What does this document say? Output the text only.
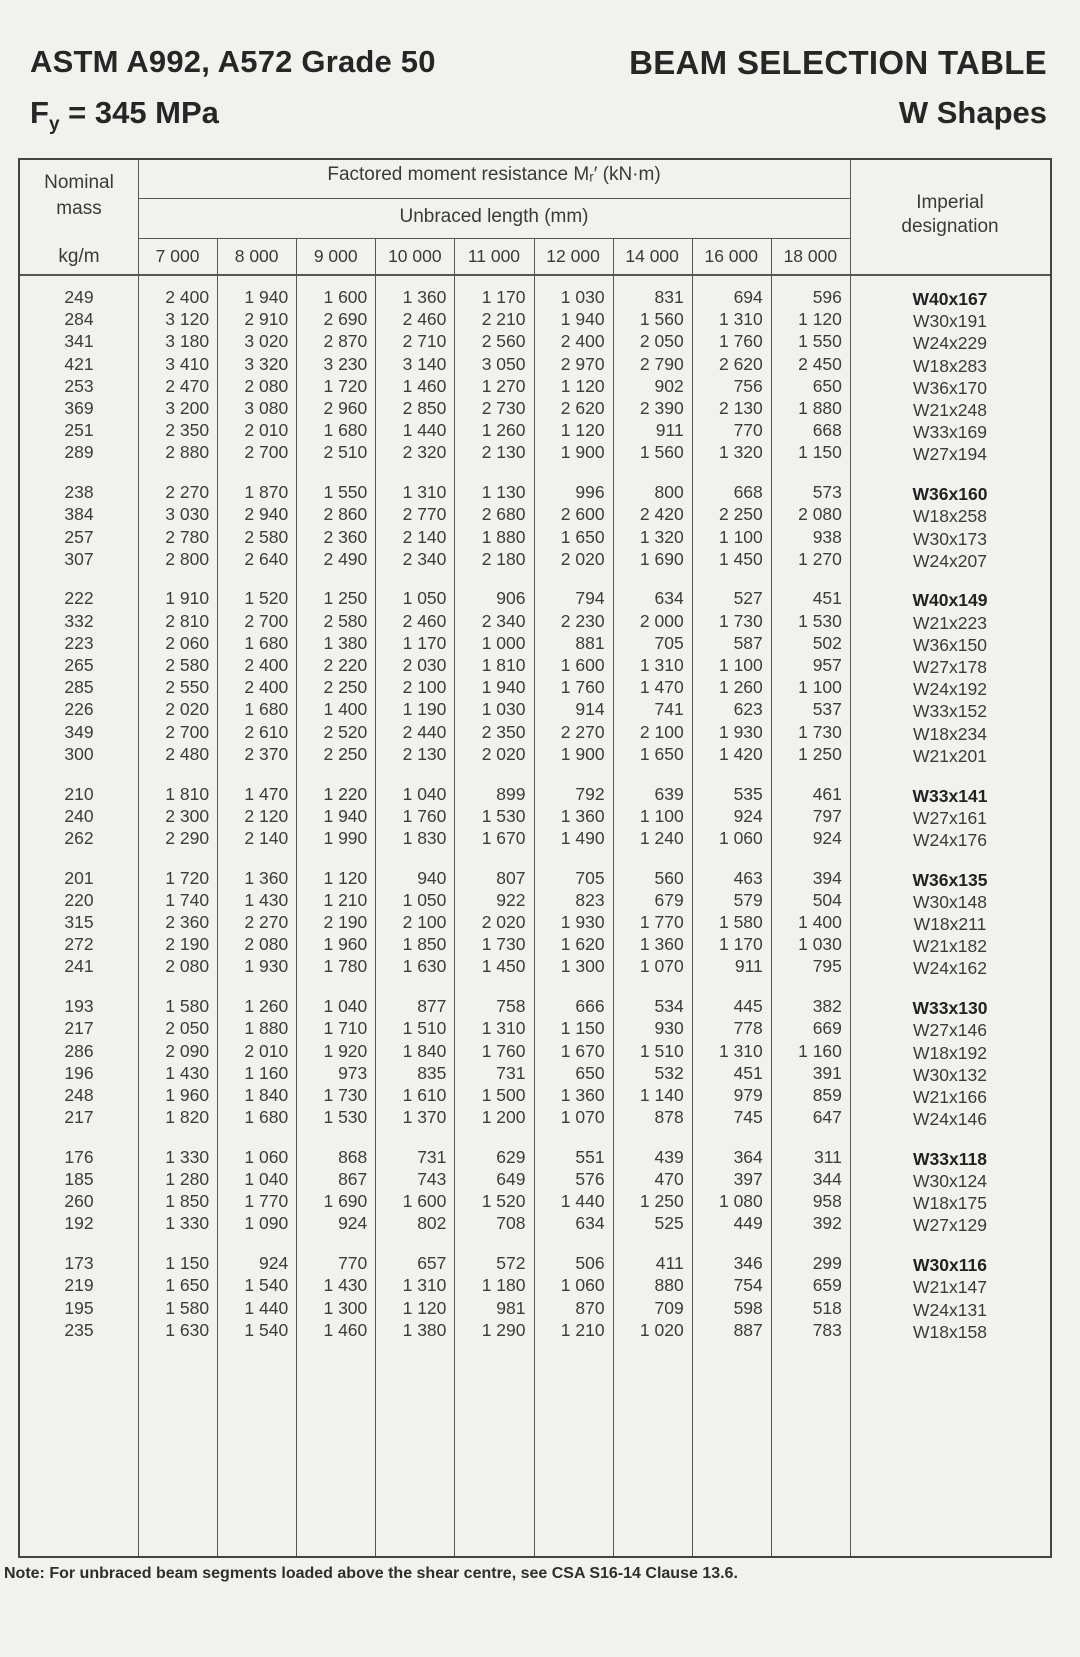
ASTM A992, A572 Grade 50
$F_y = 345$ MPa
BEAM SELECTION TABLE
W Shapes
Nominal
mass
kg/m
Factored moment resistance Mᵣ′ (kN·m)
Unbraced length (mm)
Imperial
designation
7 000	8 000	9 000	10 000	11 000	12 000	14 000	16 000	18 000
249	2 400	1 940	1 600	1 360	1 170	1 030	831	694	596	W40x167
284	3 120	2 910	2 690	2 460	2 210	1 940	1 560	1 310	1 120	W30x191
341	3 180	3 020	2 870	2 710	2 560	2 400	2 050	1 760	1 550	W24x229
421	3 410	3 320	3 230	3 140	3 050	2 970	2 790	2 620	2 450	W18x283
253	2 470	2 080	1 720	1 460	1 270	1 120	902	756	650	W36x170
369	3 200	3 080	2 960	2 850	2 730	2 620	2 390	2 130	1 880	W21x248
251	2 350	2 010	1 680	1 440	1 260	1 120	911	770	668	W33x169
289	2 880	2 700	2 510	2 320	2 130	1 900	1 560	1 320	1 150	W27x194
238	2 270	1 870	1 550	1 310	1 130	996	800	668	573	W36x160
384	3 030	2 940	2 860	2 770	2 680	2 600	2 420	2 250	2 080	W18x258
257	2 780	2 580	2 360	2 140	1 880	1 650	1 320	1 100	938	W30x173
307	2 800	2 640	2 490	2 340	2 180	2 020	1 690	1 450	1 270	W24x207
222	1 910	1 520	1 250	1 050	906	794	634	527	451	W40x149
332	2 810	2 700	2 580	2 460	2 340	2 230	2 000	1 730	1 530	W21x223
223	2 060	1 680	1 380	1 170	1 000	881	705	587	502	W36x150
265	2 580	2 400	2 220	2 030	1 810	1 600	1 310	1 100	957	W27x178
285	2 550	2 400	2 250	2 100	1 940	1 760	1 470	1 260	1 100	W24x192
226	2 020	1 680	1 400	1 190	1 030	914	741	623	537	W33x152
349	2 700	2 610	2 520	2 440	2 350	2 270	2 100	1 930	1 730	W18x234
300	2 480	2 370	2 250	2 130	2 020	1 900	1 650	1 420	1 250	W21x201
210	1 810	1 470	1 220	1 040	899	792	639	535	461	W33x141
240	2 300	2 120	1 940	1 760	1 530	1 360	1 100	924	797	W27x161
262	2 290	2 140	1 990	1 830	1 670	1 490	1 240	1 060	924	W24x176
201	1 720	1 360	1 120	940	807	705	560	463	394	W36x135
220	1 740	1 430	1 210	1 050	922	823	679	579	504	W30x148
315	2 360	2 270	2 190	2 100	2 020	1 930	1 770	1 580	1 400	W18x211
272	2 190	2 080	1 960	1 850	1 730	1 620	1 360	1 170	1 030	W21x182
241	2 080	1 930	1 780	1 630	1 450	1 300	1 070	911	795	W24x162
193	1 580	1 260	1 040	877	758	666	534	445	382	W33x130
217	2 050	1 880	1 710	1 510	1 310	1 150	930	778	669	W27x146
286	2 090	2 010	1 920	1 840	1 760	1 670	1 510	1 310	1 160	W18x192
196	1 430	1 160	973	835	731	650	532	451	391	W30x132
248	1 960	1 840	1 730	1 610	1 500	1 360	1 140	979	859	W21x166
217	1 820	1 680	1 530	1 370	1 200	1 070	878	745	647	W24x146
176	1 330	1 060	868	731	629	551	439	364	311	W33x118
185	1 280	1 040	867	743	649	576	470	397	344	W30x124
260	1 850	1 770	1 690	1 600	1 520	1 440	1 250	1 080	958	W18x175
192	1 330	1 090	924	802	708	634	525	449	392	W27x129
173	1 150	924	770	657	572	506	411	346	299	W30x116
219	1 650	1 540	1 430	1 310	1 180	1 060	880	754	659	W21x147
195	1 580	1 440	1 300	1 120	981	870	709	598	518	W24x131
235	1 630	1 540	1 460	1 380	1 290	1 210	1 020	887	783	W18x158
Note: For unbraced beam segments loaded above the shear centre, see CSA S16-14 Clause 13.6.
